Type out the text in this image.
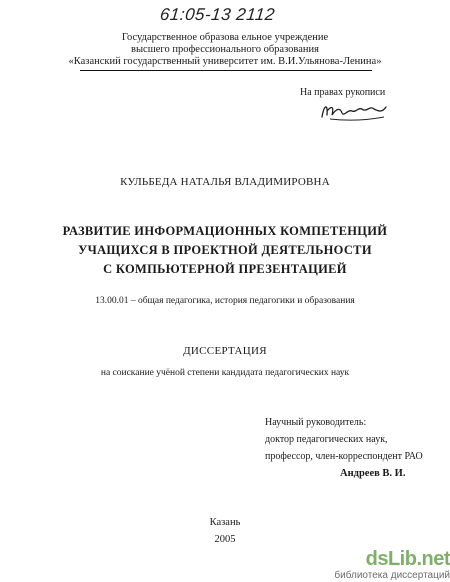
61:05-13 2112
Государственное образова ельное учреждение
высшего профессионального образования
«Казанский государственный университет им. В.И.Ульянова-Ленина»
На правах рукописи
КУЛЬБЕДА НАТАЛЬЯ ВЛАДИМИРОВНА
РАЗВИТИЕ ИНФОРМАЦИОННЫХ КОМПЕТЕНЦИЙ
УЧАЩИХСЯ В ПРОЕКТНОЙ ДЕЯТЕЛЬНОСТИ
С КОМПЬЮТЕРНОЙ ПРЕЗЕНТАЦИЕЙ
13.00.01 – общая педагогика, история педагогики и образования
ДИССЕРТАЦИЯ
на соискание учёной степени кандидата педагогических наук
Научный руководитель:
доктор педагогических наук,
профессор, член-корреспондент РАО
Андреев В. И.
Казань
2005
dsLib.net
библиотека диссертаций
